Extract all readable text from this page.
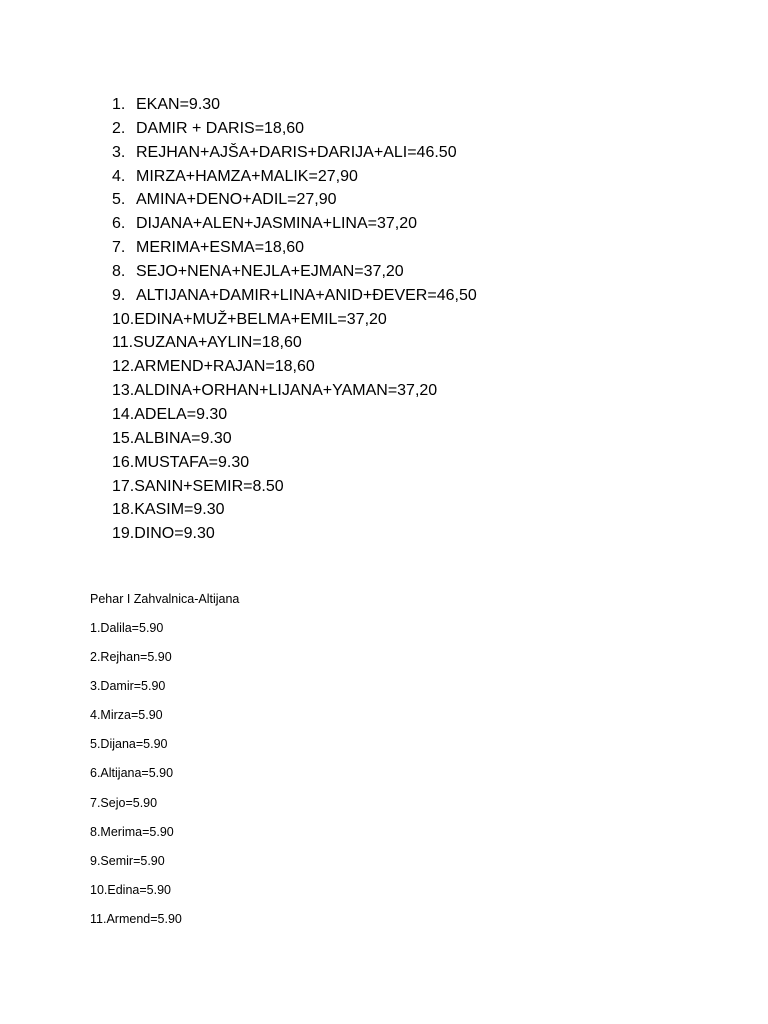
1. EKAN=9.30
2. DAMIR + DARIS=18,60
3. REJHAN+AJŠA+DARIS+DARIJA+ALI=46.50
4. MIRZA+HAMZA+MALIK=27,90
5. AMINA+DENO+ADIL=27,90
6. DIJANA+ALEN+JASMINA+LINA=37,20
7. MERIMA+ESMA=18,60
8. SEJO+NENA+NEJLA+EJMAN=37,20
9. ALTIJANA+DAMIR+LINA+ANID+ĐEVER=46,50
10.EDINA+MUŽ+BELMA+EMIL=37,20
11.SUZANA+AYLIN=18,60
12.ARMEND+RAJAN=18,60
13.ALDINA+ORHAN+LIJANA+YAMAN=37,20
14.ADELA=9.30
15.ALBINA=9.30
16.MUSTAFA=9.30
17.SANIN+SEMIR=8.50
18.KASIM=9.30
19.DINO=9.30
Pehar I Zahvalnica-Altijana
1.Dalila=5.90
2.Rejhan=5.90
3.Damir=5.90
4.Mirza=5.90
5.Dijana=5.90
6.Altijana=5.90
7.Sejo=5.90
8.Merima=5.90
9.Semir=5.90
10.Edina=5.90
11.Armend=5.90
